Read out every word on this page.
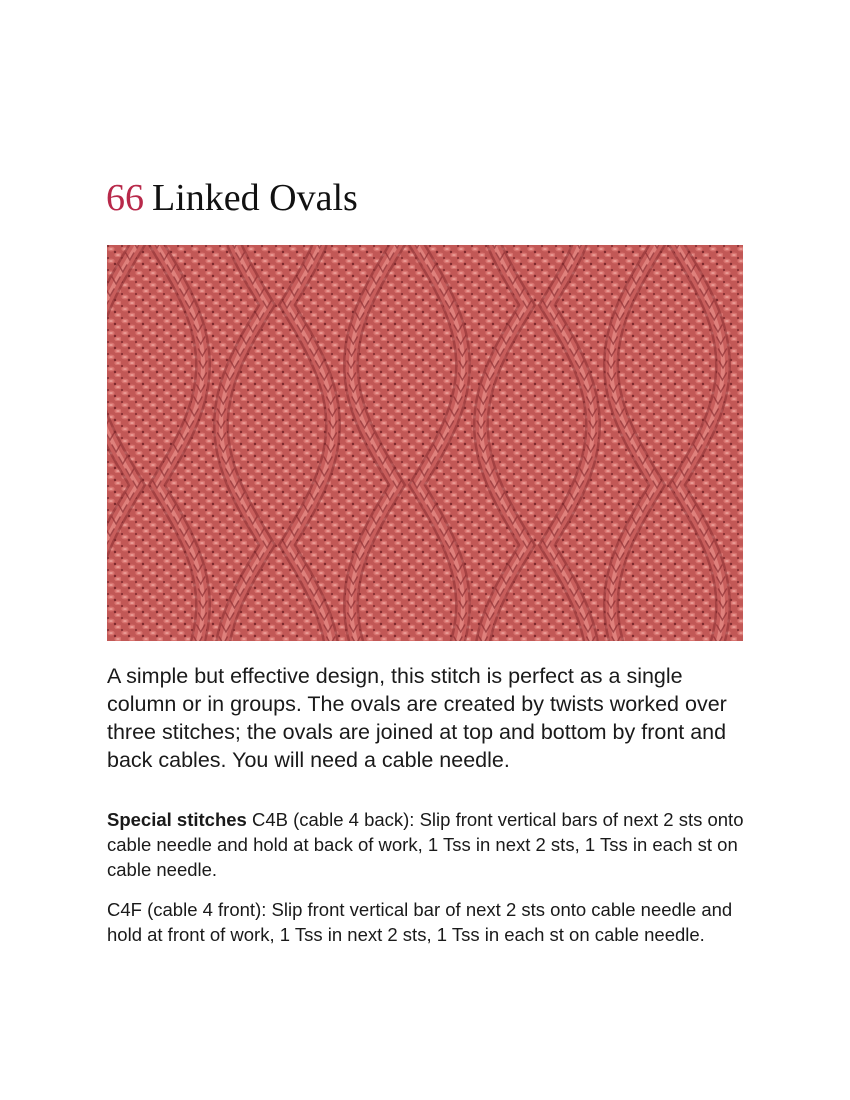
66 Linked Ovals

A simple but effective design, this stitch is perfect as a single column or in groups. The ovals are created by twists worked over three stitches; the ovals are joined at top and bottom by front and back cables. You will need a cable needle.

Special stitches C4B (cable 4 back): Slip front vertical bars of next 2 sts onto cable needle and hold at back of work, 1 Tss in next 2 sts, 1 Tss in each st on cable needle.

C4F (cable 4 front): Slip front vertical bar of next 2 sts onto cable needle and hold at front of work, 1 Tss in next 2 sts, 1 Tss in each st on cable needle.
